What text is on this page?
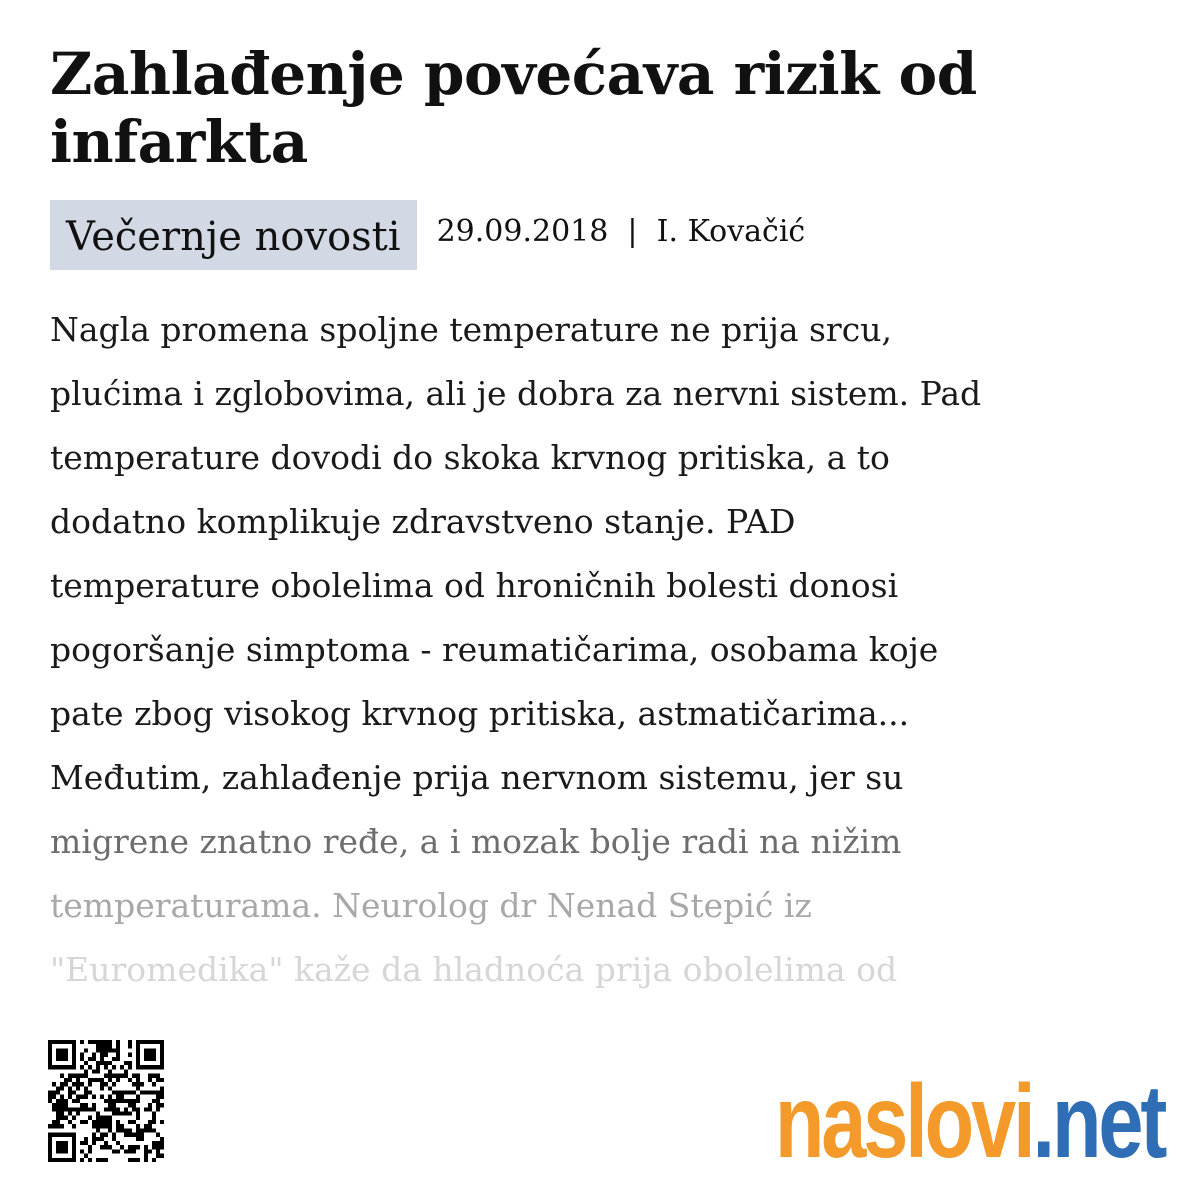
Zahlađenje povećava rizik od infarkta
Večernje novosti	29.09.2018 | I. Kovačić
Nagla promena spoljne temperature ne prija srcu,
plućima i zglobovima, ali je dobra za nervni sistem. Pad
temperature dovodi do skoka krvnog pritiska, a to
dodatno komplikuje zdravstveno stanje. PAD
temperature obolelima od hroničnih bolesti donosi
pogoršanje simptoma - reumatičarima, osobama koje
pate zbog visokog krvnog pritiska, astmatičarima...
Međutim, zahlađenje prija nervnom sistemu, jer su
migrene znatno ređe, a i mozak bolje radi na nižim
temperaturama. Neurolog dr Nenad Stepić iz
"Euromedika" kaže da hladnoća prija obolelima od
naslovi .net
